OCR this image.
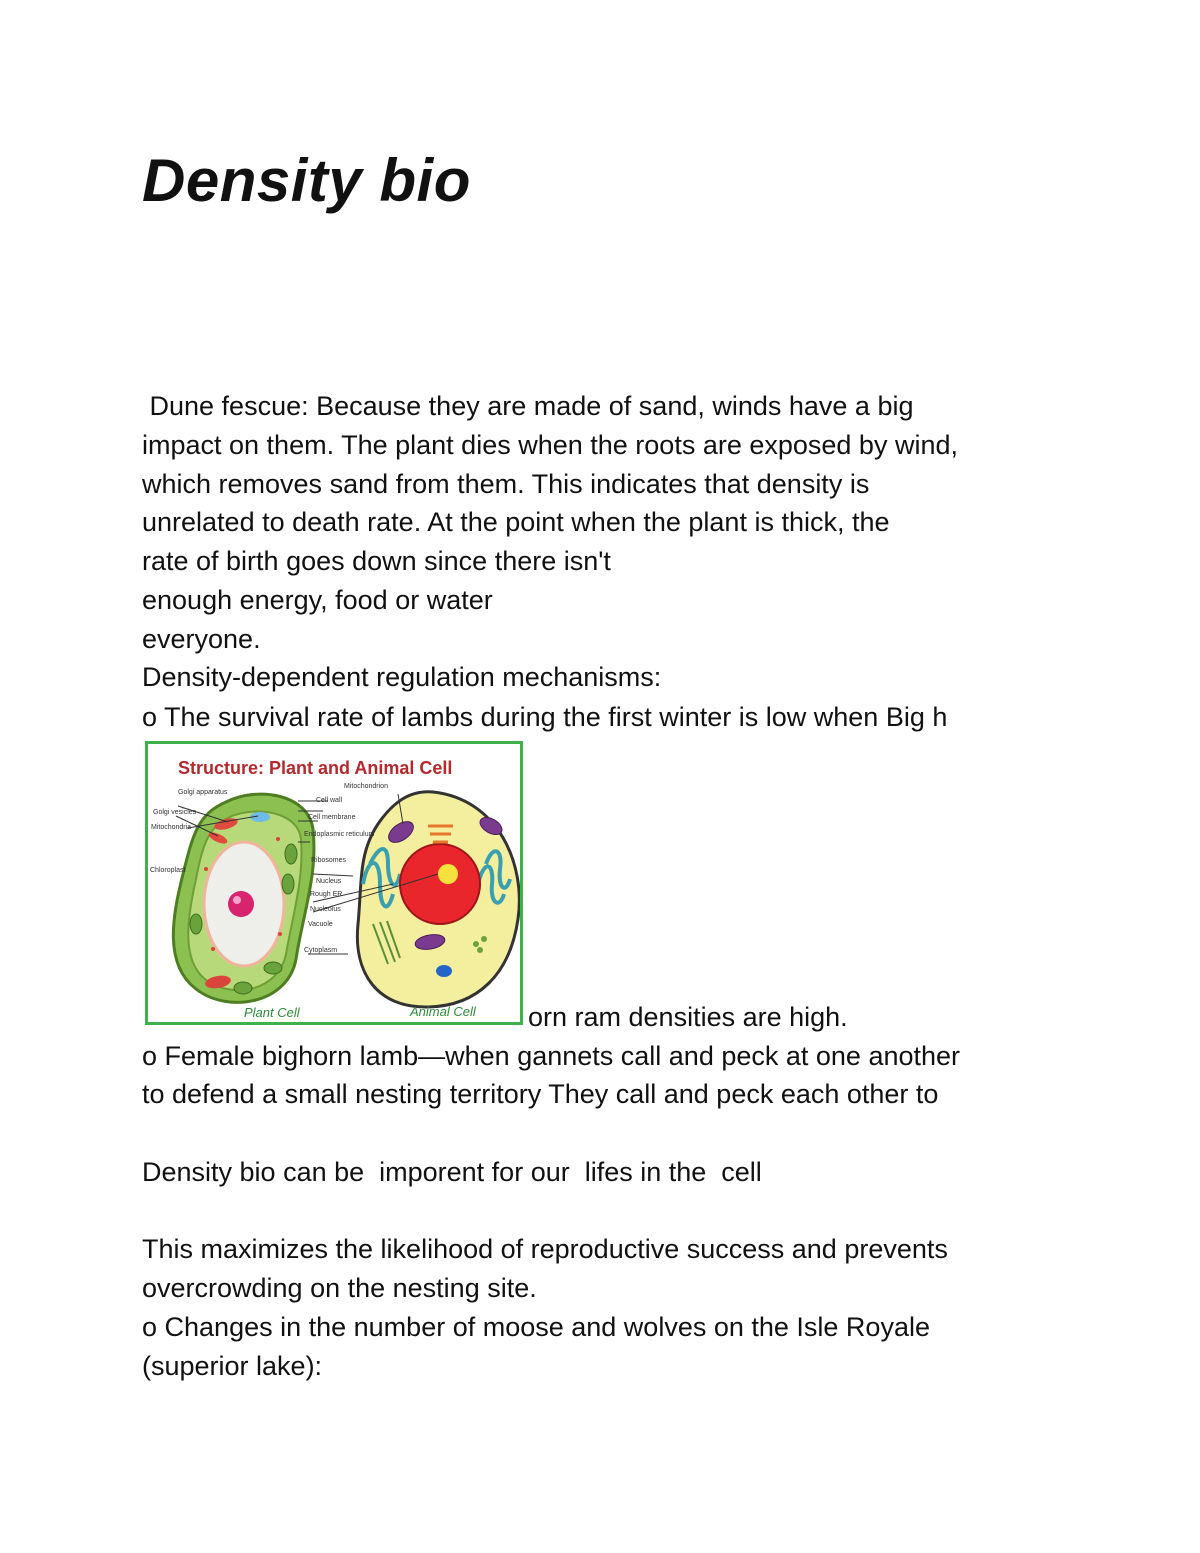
Density bio
Dune fescue: Because they are made of sand, winds have a big
impact on them. The plant dies when the roots are exposed by wind,
which removes sand from them. This indicates that density is
unrelated to death rate. At the point when the plant is thick, the
rate of birth goes down since there isn't
enough energy, food or water
everyone.
Density-dependent regulation mechanisms:
o The survival rate of lambs during the first winter is low when Big h
Structure: Plant and Animal Cell
Golgi apparatus
Golgi vesicles
Mitochondria
Chloroplast
Cell wall
Cell membrane
Endoplasmic reticulum
Ribosomes
Nucleus
Rough ER
Nucleolus
Vacuole
Cytoplasm
Mitochondrion
Plant Cell	Animal Cell orn ram densities are high.
o Female bighorn lamb—when gannets call and peck at one another
to defend a small nesting territory They call and peck each other to
Density bio can be  imporent for our  lifes in the  cell
This maximizes the likelihood of reproductive success and prevents
overcrowding on the nesting site.
o Changes in the number of moose and wolves on the Isle Royale
(superior lake):
